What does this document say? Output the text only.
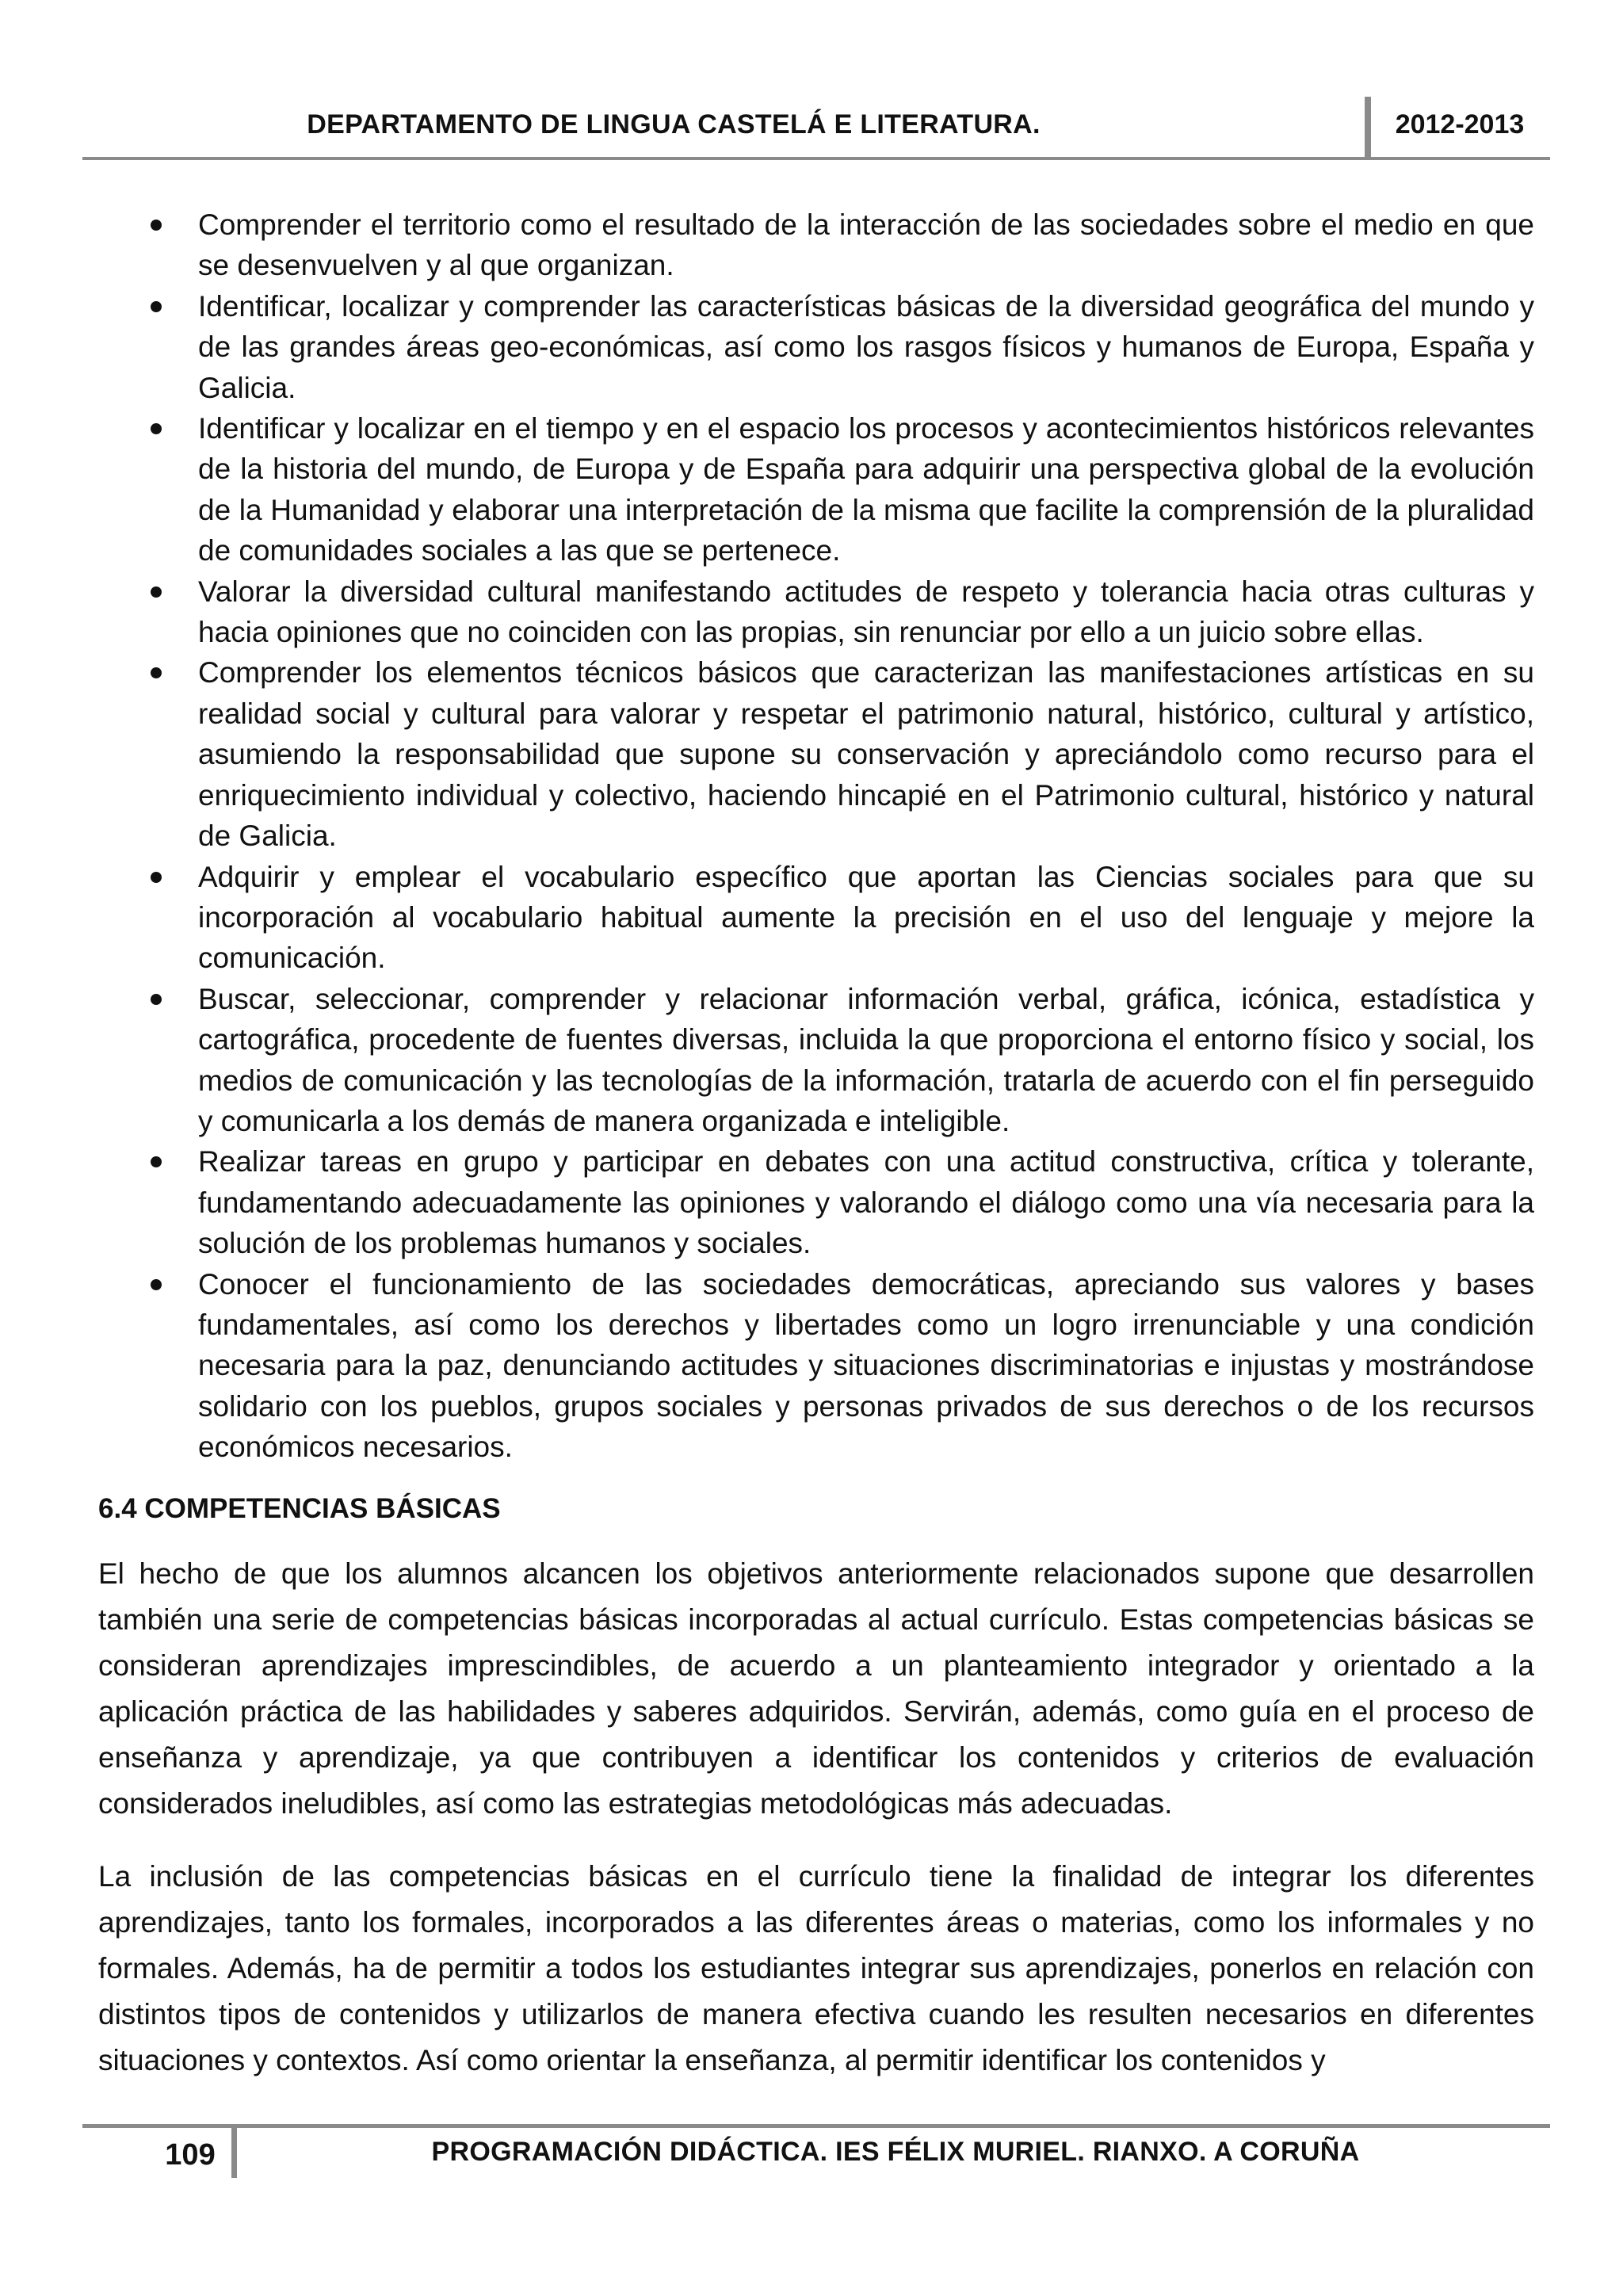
DEPARTAMENTO DE LINGUA CASTELÁ E LITERATURA.	2012-2013
Comprender el territorio como el resultado de la interacción de las sociedades sobre el medio en que se desenvuelven y al que organizan.
Identificar, localizar y comprender las características básicas de la diversidad geográfica del mundo y de las grandes áreas geo-económicas, así como los rasgos físicos y humanos de Europa, España y Galicia.
Identificar y localizar en el tiempo y en el espacio los procesos y acontecimientos históricos relevantes de la historia del mundo, de Europa y de España para adquirir una perspectiva global de la evolución de la Humanidad y elaborar una interpretación de la misma que facilite la comprensión de la pluralidad de comunidades sociales a las que se pertenece.
Valorar la diversidad cultural manifestando actitudes de respeto y tolerancia hacia otras culturas y hacia opiniones que no coinciden con las propias, sin renunciar por ello a un juicio sobre ellas.
Comprender los elementos técnicos básicos que caracterizan las manifestaciones artísticas en su realidad social y cultural para valorar y respetar el patrimonio natural, histórico, cultural y artístico, asumiendo la responsabilidad que supone su conservación y apreciándolo como recurso para el enriquecimiento individual y colectivo, haciendo hincapié en el Patrimonio cultural, histórico y natural de Galicia.
Adquirir y emplear el vocabulario específico que aportan las Ciencias sociales para que su incorporación al vocabulario habitual aumente la precisión en el uso del lenguaje y mejore la comunicación.
Buscar, seleccionar, comprender y relacionar información verbal, gráfica, icónica, estadística y cartográfica, procedente de fuentes diversas, incluida la que proporciona el entorno físico y social, los medios de comunicación y las tecnologías de la información, tratarla de acuerdo con el fin perseguido y comunicarla a los demás de manera organizada e inteligible.
Realizar tareas en grupo y participar en debates con una actitud constructiva, crítica y tolerante, fundamentando adecuadamente las opiniones y valorando el diálogo como una vía necesaria para la solución de los problemas humanos y sociales.
Conocer el funcionamiento de las sociedades democráticas, apreciando sus valores y bases fundamentales, así como los derechos y libertades como un logro irrenunciable y una condición necesaria para la paz, denunciando actitudes y situaciones discriminatorias e injustas y mostrándose solidario con los pueblos, grupos sociales y personas privados de sus derechos o de los recursos económicos necesarios.
6.4 COMPETENCIAS BÁSICAS

El hecho de que los alumnos alcancen los objetivos anteriormente relacionados supone que desarrollen también una serie de competencias básicas incorporadas al actual currículo. Estas competencias básicas se consideran aprendizajes imprescindibles, de acuerdo a un planteamiento integrador y orientado a la aplicación práctica de las habilidades y saberes adquiridos. Servirán, además, como guía en el proceso de enseñanza y aprendizaje, ya que contribuyen a identificar los contenidos y criterios de evaluación considerados ineludibles, así como las estrategias metodológicas más adecuadas.

La inclusión de las competencias básicas en el currículo tiene la finalidad de integrar los diferentes aprendizajes, tanto los formales, incorporados a las diferentes áreas o materias, como los informales y no formales. Además, ha de permitir a todos los estudiantes integrar sus aprendizajes, ponerlos en relación con distintos tipos de contenidos y utilizarlos de manera efectiva cuando les resulten necesarios en diferentes situaciones y contextos. Así como orientar la enseñanza, al permitir identificar los contenidos y

109	PROGRAMACIÓN DIDÁCTICA. IES FÉLIX MURIEL. RIANXO. A CORUÑA
